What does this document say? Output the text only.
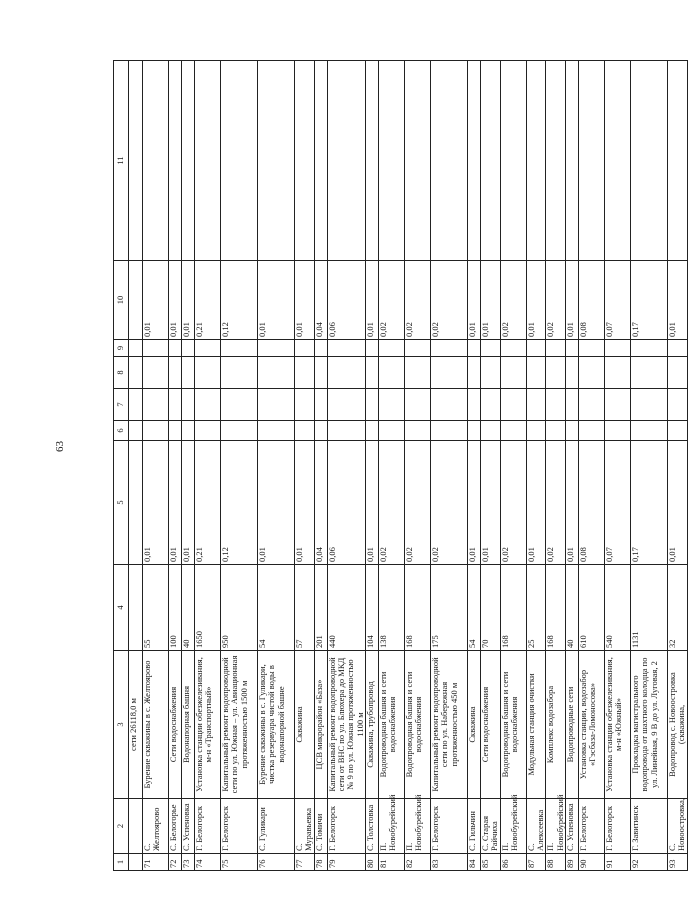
63
1	2	3	4	5	6	7	8	9	10	11
		сети 26118,0 м								
71	С. Желтоярово	Бурение скважины в с. Желтоярово	55	0,01					0,01	
72	С. Белогорье	Сети водоснабжения	100	0,01					0,01	
73	С. Успеновка	Водонапорная башня	40	0,01					0,01	
74	Г. Белогорск	Установка станции обезжелезивания, м-н «Транспортный»	1650	0,21					0,21	
75	Г. Белогорск	Капитальный ремонт водопроводной сети по ул. Южная – ул. Авиационная протяженностью 1500 м	950	0,12					0,12	
76	С. Гуликари	Бурение скважины в с. Гуликари, чистка резервуара чистой воды в водонапорной башне	54	0,01					0,01	
77	С. Муравьевка	Скважина	57	0,01					0,01	
78	С. Томичи	ЦСВ микрорайон «База»	201	0,04					0,04	
79	Г. Белогорск	Капитальный ремонт водопроводной сети от ВНС по ул. Блюхера до МКД № 9 по ул. Южная протяженностью 1100 м	440	0,06					0,06	
80	С. Толстовка	Скважина, трубопровод	104	0,01					0,01	
81	П. Новобурейский	Водопроводная башня и сети водоснабжения	138	0,02					0,02	
82	П. Новобурейский	Водопроводная башня и сети водоснабжения	168	0,02					0,02	
83	Г. Белогорск	Капитальный ремонт водопроводной сети по ул. Набережная протяженностью 450 м	175	0,02					0,02	
84	С. Гильчин	Скважина	54	0,01					0,01	
85	С. Старая Райчиха	Сети водоснабжения	70	0,01					0,01	
86	П. Новобурейский	Водопроводная башня и сети водоснабжения	168	0,02					0,02	
87	С. Алексеевка	Модульная станция очистки	25	0,01					0,01	
88	П. Новобурейский	Комплекс водозабора	168	0,02					0,02	
89	С. Успеновка	Водопроводные сети	40	0,01					0,01	
90	Г. Белогорск	Установка станции, водозабор «Гэсбаза-Ломоносова»	610	0,08					0,08	
91	Г. Белогорск	Установка станции обезжелезивания, м-н «Южный»	540	0,07					0,07	
92	Г. Завитинск	Прокладка магистрального водопровода от шахтного колодца по ул. Линейная, 9 В до ул. Луговая, 2	1131	0,17					0,17	
93	С. Новоостровка,	Водопровод с. Новоостровка (скважина,	32	0,01					0,01	
